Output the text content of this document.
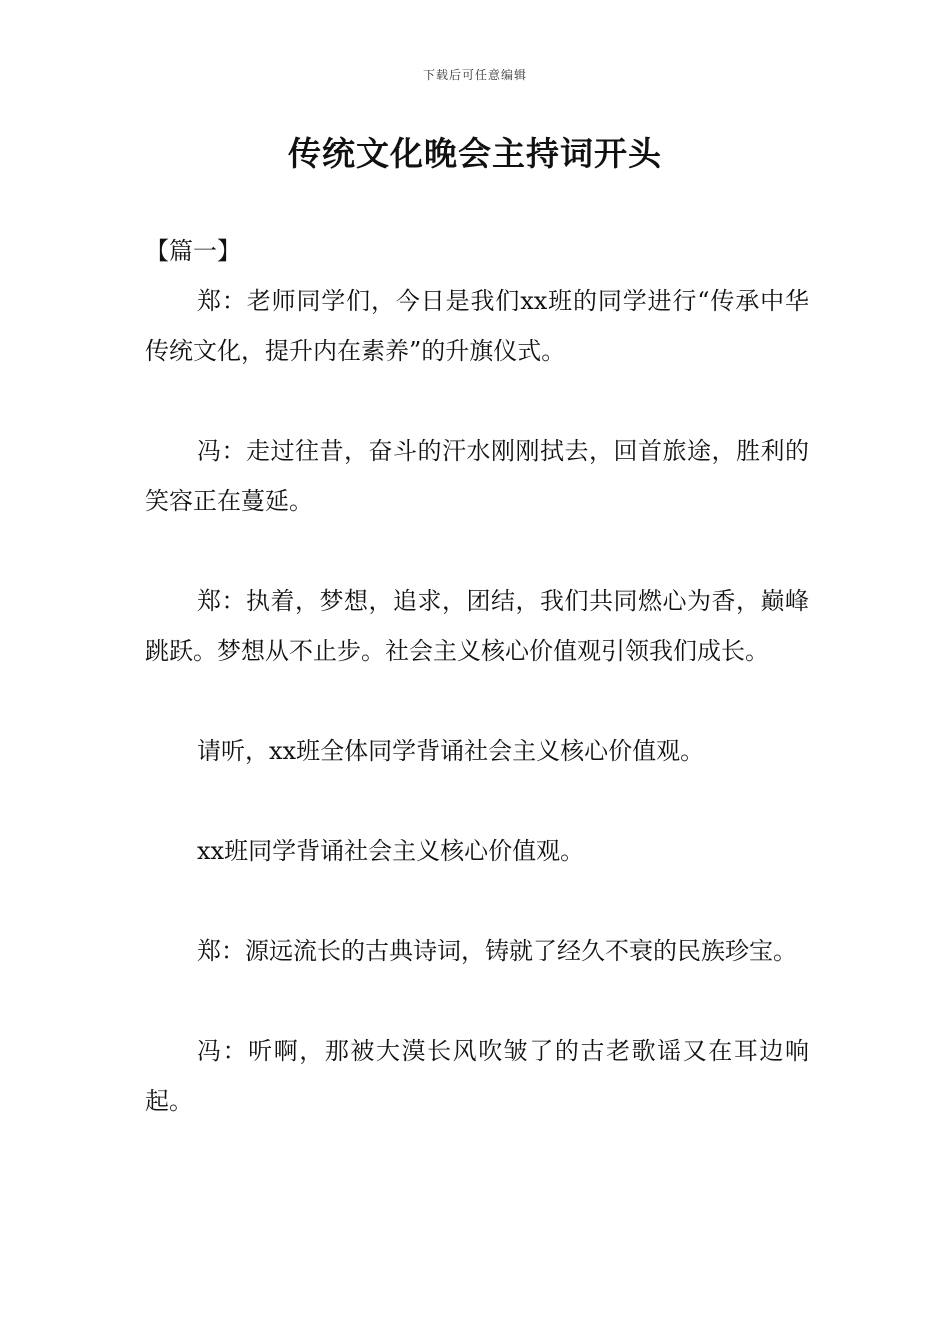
下载后可任意编辑
传统文化晚会主持词开头
【篇一】

郑：老师同学们，今日是我们xx班的同学进行“传承中华传统文化，提升内在素养”的升旗仪式。

冯：走过往昔，奋斗的汗水刚刚拭去，回首旅途，胜利的笑容正在蔓延。

郑：执着，梦想，追求，团结，我们共同燃心为香，巅峰跳跃。梦想从不止步。社会主义核心价值观引领我们成长。

请听，xx班全体同学背诵社会主义核心价值观。

xx班同学背诵社会主义核心价值观。

郑：源远流长的古典诗词，铸就了经久不衰的民族珍宝。

冯：听啊，那被大漠长风吹皱了的古老歌谣又在耳边响起。
